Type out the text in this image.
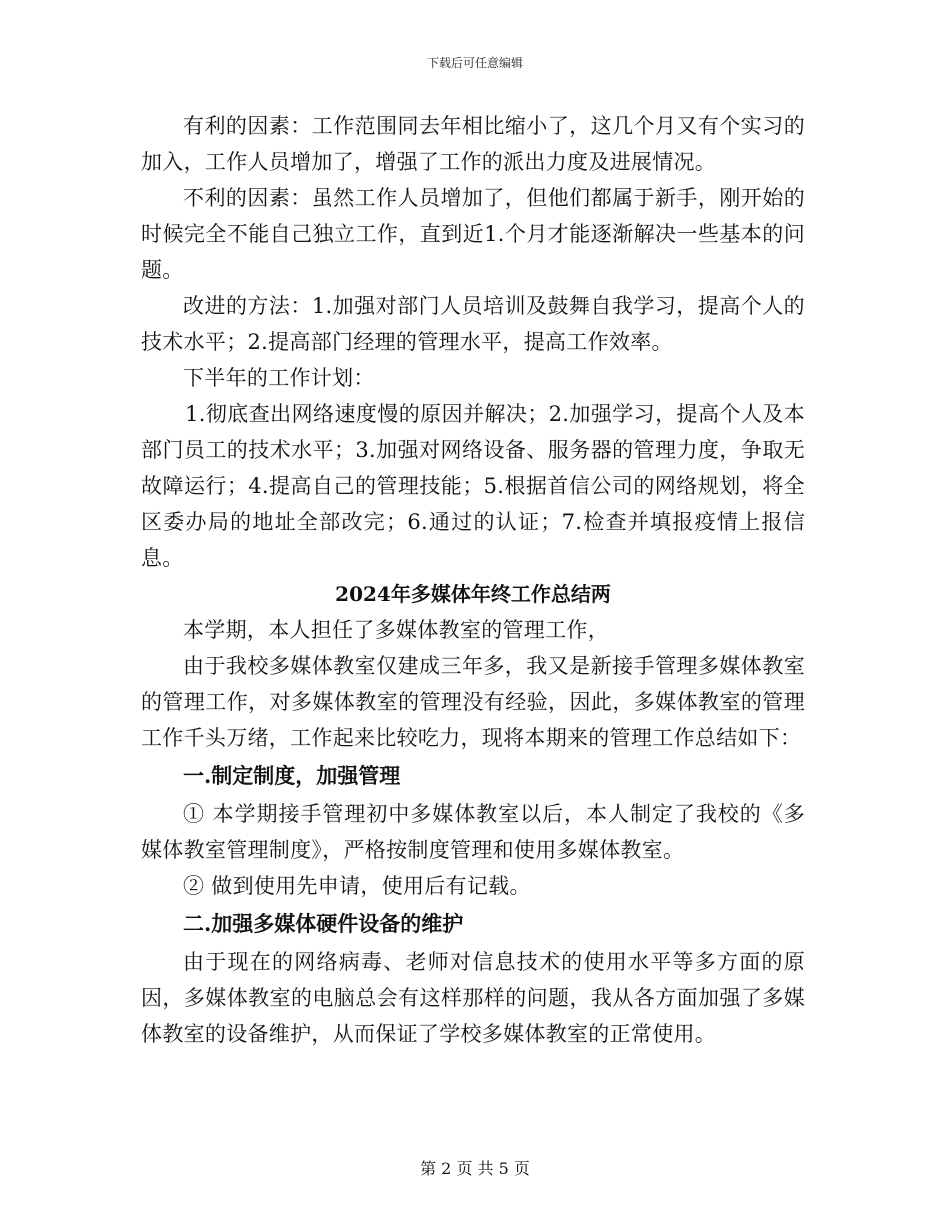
下载后可任意编辑

有利的因素：工作范围同去年相比缩小了，这几个月又有个实习的加入，工作人员增加了，增强了工作的派出力度及进展情况。

不利的因素：虽然工作人员增加了，但他们都属于新手，刚开始的时候完全不能自己独立工作，直到近1.个月才能逐渐解决一些基本的问题。

改进的方法：1.加强对部门人员培训及鼓舞自我学习，提高个人的技术水平；2.提高部门经理的管理水平，提高工作效率。

下半年的工作计划：

1.彻底查出网络速度慢的原因并解决；2.加强学习，提高个人及本部门员工的技术水平；3.加强对网络设备、服务器的管理力度，争取无故障运行；4.提高自己的管理技能；5.根据首信公司的网络规划，将全区委办局的地址全部改完；6.通过的认证；7.检查并填报疫情上报信息。

2024年多媒体年终工作总结两

本学期，本人担任了多媒体教室的管理工作，

由于我校多媒体教室仅建成三年多，我又是新接手管理多媒体教室的管理工作，对多媒体教室的管理没有经验，因此，多媒体教室的管理工作千头万绪，工作起来比较吃力，现将本期来的管理工作总结如下：

一.制定制度，加强管理

① 本学期接手管理初中多媒体教室以后，本人制定了我校的《多媒体教室管理制度》，严格按制度管理和使用多媒体教室。

② 做到使用先申请，使用后有记载。

二.加强多媒体硬件设备的维护

由于现在的网络病毒、老师对信息技术的使用水平等多方面的原因，多媒体教室的电脑总会有这样那样的问题，我从各方面加强了多媒体教室的设备维护，从而保证了学校多媒体教室的正常使用。

第 2 页 共 5 页
